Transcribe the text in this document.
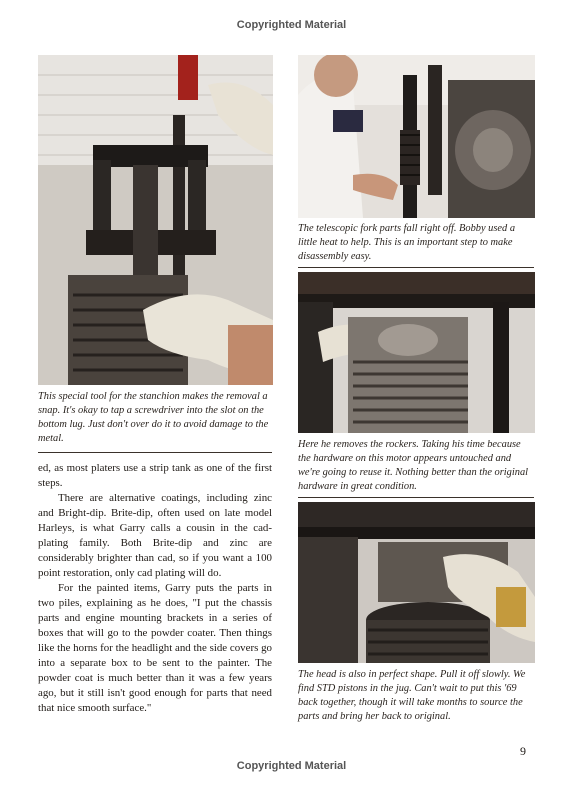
Copyrighted Material

This special tool for the stanchion makes the removal a snap. It's okay to tap a screwdriver into the slot on the bottom lug. Just don't over do it to avoid damage to the metal.

ed, as most platers use a strip tank as one of the first steps.

There are alternative coatings, including zinc and Bright-dip. Brite-dip, often used on late model Harleys, is what Garry calls a cousin in the cad-plating family. Both Brite-dip and zinc are considerably brighter than cad, so if you want a 100 point restoration, only cad plating will do.

For the painted items, Garry puts the parts in two piles, explaining as he does, "I put the chassis parts and engine mounting brackets in a series of boxes that will go to the powder coater. Then things like the horns for the headlight and the side covers go into a separate box to be sent to the painter. The powder coat is much better than it was a few years ago, but it still isn't good enough for parts that need that nice smooth surface."

The telescopic fork parts fall right off. Bobby used a little heat to help. This is an important step to make disassembly easy.

Here he removes the rockers. Taking his time because the hardware on this motor appears untouched and we're going to reuse it. Nothing better than the original hardware in great condition.

The head is also in perfect shape. Pull it off slowly. We find STD pistons in the jug. Can't wait to put this '69 back together, though it will take months to source the parts and bring her back to original.

9
Copyrighted Material
